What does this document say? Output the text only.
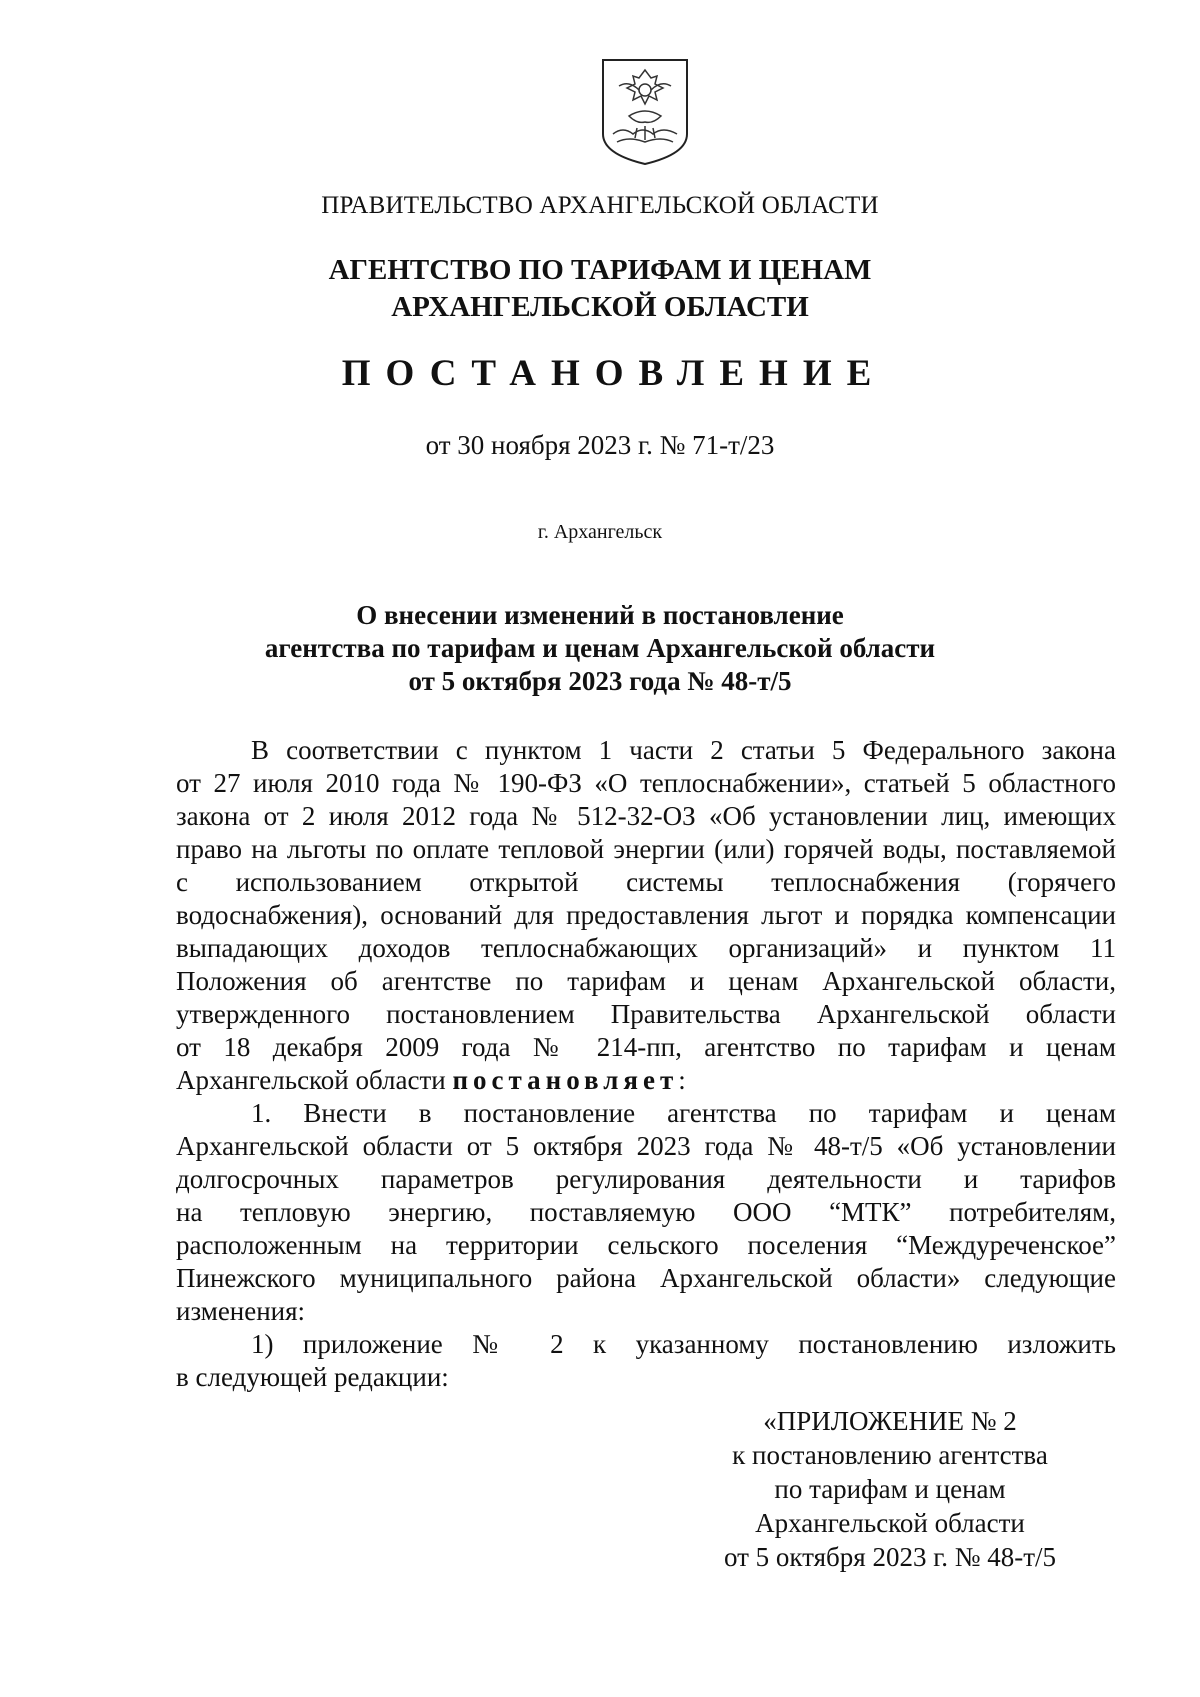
ПРАВИТЕЛЬСТВО АРХАНГЕЛЬСКОЙ ОБЛАСТИ
АГЕНТСТВО ПО ТАРИФАМ И ЦЕНАМ
АРХАНГЕЛЬСКОЙ ОБЛАСТИ
ПОСТАНОВЛЕНИЕ
от 30 ноября 2023 г. № 71-т/23
г. Архангельск
О внесении изменений в постановление
агентства по тарифам и ценам Архангельской области
от 5 октября 2023 года № 48-т/5
В соответствии с пунктом 1 части 2 статьи 5 Федерального закона
от 27 июля 2010 года № 190-ФЗ «О теплоснабжении», статьей 5 областного
закона от 2 июля 2012 года № 512-32-ОЗ «Об установлении лиц, имеющих
право на льготы по оплате тепловой энергии (или) горячей воды, поставляемой
с использованием открытой системы теплоснабжения (горячего
водоснабжения), оснований для предоставления льгот и порядка компенсации
выпадающих доходов теплоснабжающих организаций» и пунктом 11
Положения об агентстве по тарифам и ценам Архангельской области,
утвержденного постановлением Правительства Архангельской области
от 18 декабря 2009 года № 214-пп, агентство по тарифам и ценам
Архангельской области постановляет:
1. Внести в постановление агентства по тарифам и ценам
Архангельской области от 5 октября 2023 года № 48-т/5 «Об установлении
долгосрочных параметров регулирования деятельности и тарифов
на тепловую энергию, поставляемую ООО “МТК” потребителям,
расположенным на территории сельского поселения “Междуреченское”
Пинежского муниципального района Архангельской области» следующие
изменения:
1) приложение № 2 к указанному постановлению изложить
в следующей редакции:
«ПРИЛОЖЕНИЕ № 2
к постановлению агентства
по тарифам и ценам
Архангельской области
от 5 октября 2023 г. № 48-т/5
